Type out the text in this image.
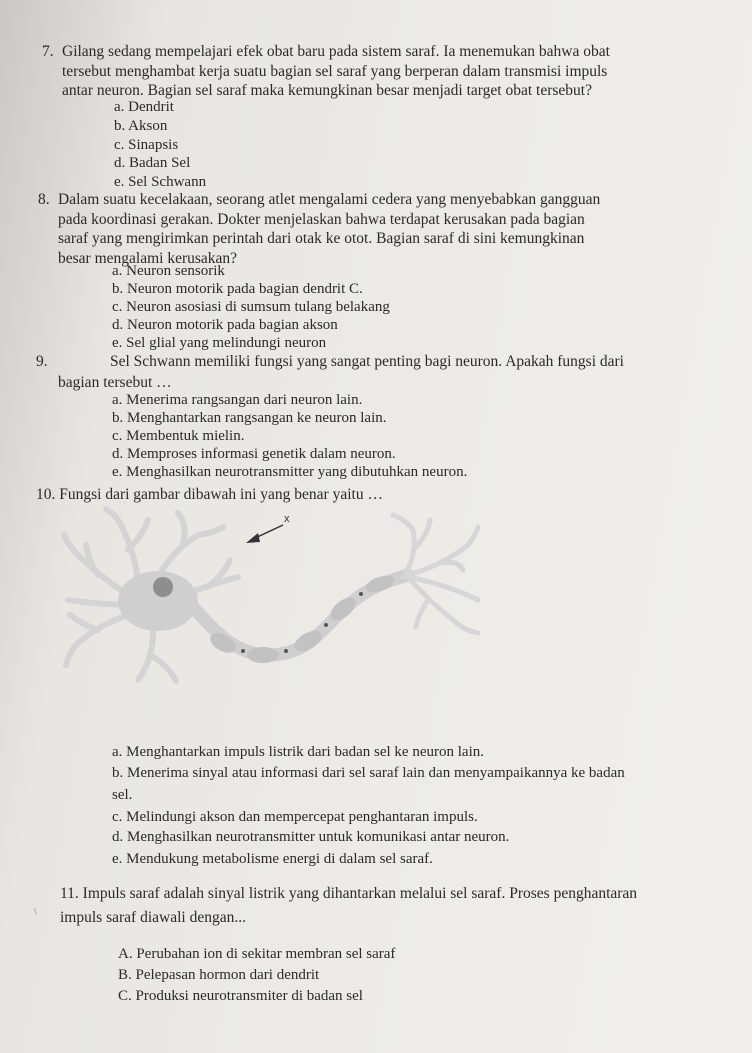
7. Gilang sedang mempelajari efek obat baru pada sistem saraf. Ia menemukan bahwa obat
tersebut menghambat kerja suatu bagian sel saraf yang berperan dalam transmisi impuls
antar neuron. Bagian sel saraf maka kemungkinan besar menjadi target obat tersebut?
a. Dendrit
b. Akson
c. Sinapsis
d. Badan Sel
e. Sel Schwann
8. Dalam suatu kecelakaan, seorang atlet mengalami cedera yang menyebabkan gangguan
pada koordinasi gerakan. Dokter menjelaskan bahwa terdapat kerusakan pada bagian
saraf yang mengirimkan perintah dari otak ke otot. Bagian saraf di sini kemungkinan
besar mengalami kerusakan?
a. Neuron sensorik
b. Neuron motorik pada bagian dendrit C.
c. Neuron asosiasi di sumsum tulang belakang
d. Neuron motorik pada bagian akson
e. Sel glial yang melindungi neuron
9.	Sel Schwann memiliki fungsi yang sangat penting bagi neuron. Apakah fungsi dari
bagian tersebut …
a. Menerima rangsangan dari neuron lain.
b. Menghantarkan rangsangan ke neuron lain.
c. Membentuk mielin.
d. Memproses informasi genetik dalam neuron.
e. Menghasilkan neurotransmitter yang dibutuhkan neuron.
10. Fungsi dari gambar dibawah ini yang benar yaitu …
x
a. Menghantarkan impuls listrik dari badan sel ke neuron lain.
b. Menerima sinyal atau informasi dari sel saraf lain dan menyampaikannya ke badan
sel.
c. Melindungi akson dan mempercepat penghantaran impuls.
d. Menghasilkan neurotransmitter untuk komunikasi antar neuron.
e. Mendukung metabolisme energi di dalam sel saraf.
\
11. Impuls saraf adalah sinyal listrik yang dihantarkan melalui sel saraf. Proses penghantaran
impuls saraf diawali dengan...
A. Perubahan ion di sekitar membran sel saraf
B. Pelepasan hormon dari dendrit
C. Produksi neurotransmiter di badan sel
